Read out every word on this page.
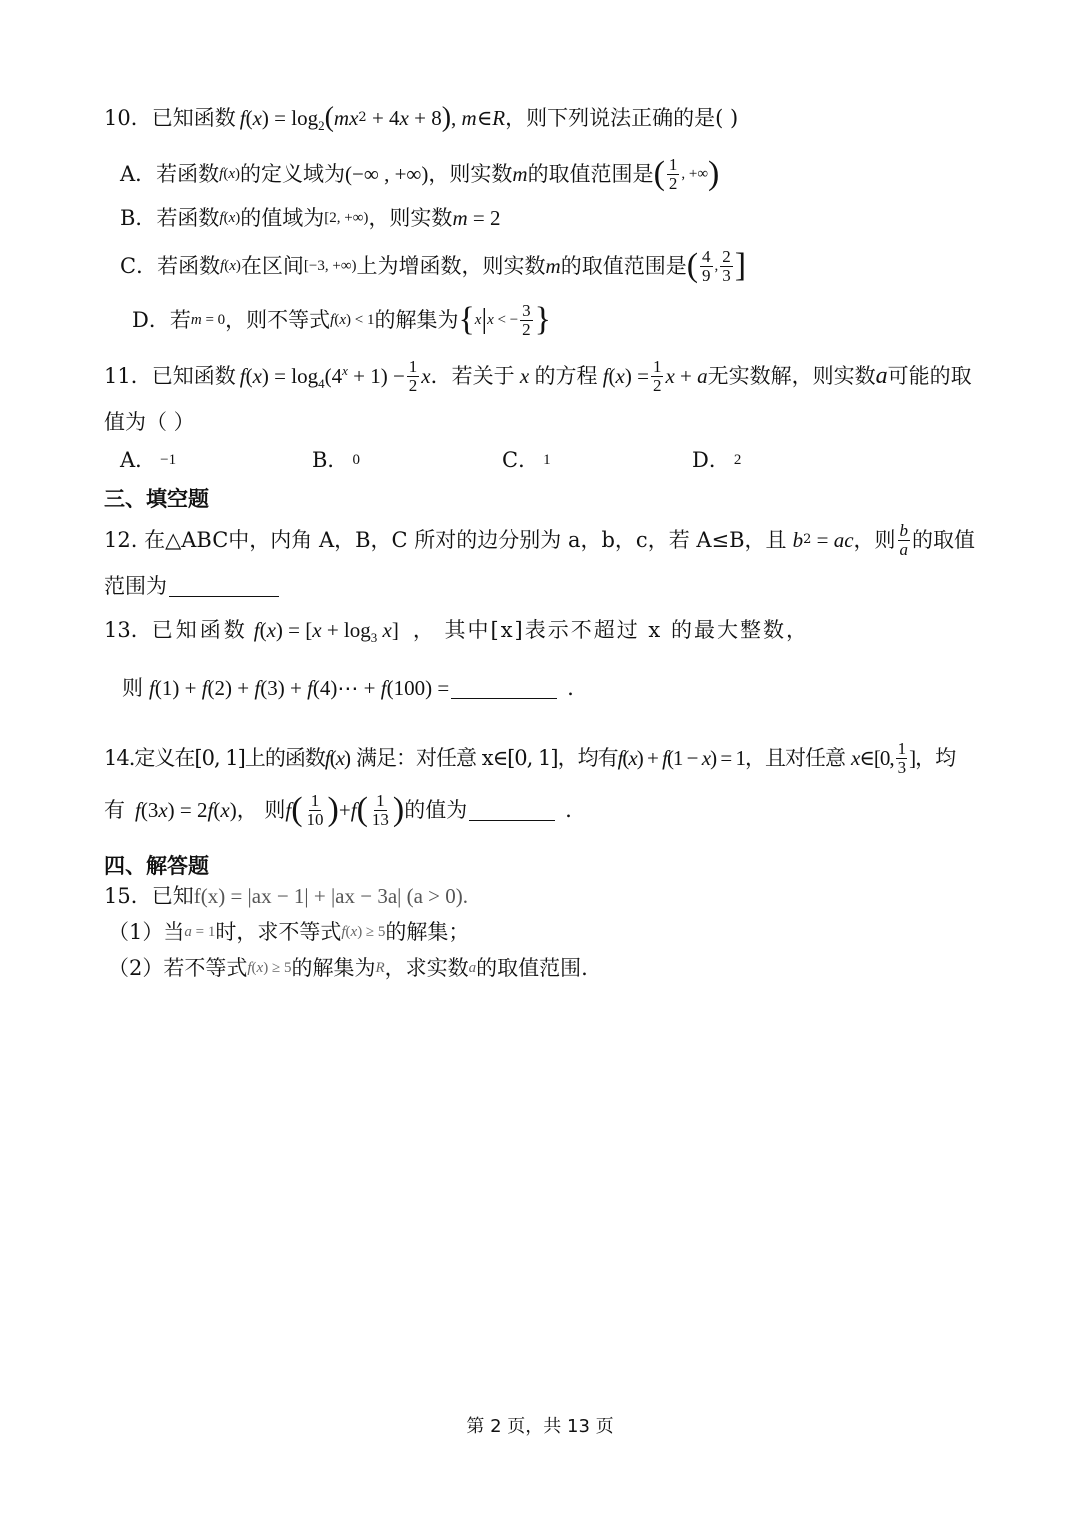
10． 已知函数 f ( x ) = $\log_2$ ( mx 2 + 4 x + 8 ) , m ∈ R ，则下列说法正确的是 ( )
A． 若函数 f ( x ) 的定义域为 (−∞ , +∞) ，则实数 m 的取值范围是 ( $\frac{1}{2}$ , +∞ )
B． 若函数 f ( x ) 的值域为 [2, +∞) ，则实数 m = 2
C． 若函数 f ( x ) 在区间 [−3, +∞) 上为增函数，则实数 m 的取值范围是 ( $\frac{4}{9}$ , $\frac{2}{3}$ ]
D． 若 m = 0 ，则不等式 f ( x ) < 1 的解集为 { x | x < − $\frac{3}{2}$ }
11． 已知函数 f ( x ) = $\log_4(4^x + 1) - \frac{1}{2}$ x ．若关于 x 的方程 f ( x ) = $\frac{1}{2}$ x + a 无实数解，则实数 a 可能的取
值为（ ）
A． −1	B． 0	C． 1	D． 2
三、填空题
12. 在△ABC中，内角 A，B，C 所对的边分别为 a，b，c，若 A≤B，且 b 2 = ac ，则 $\frac{b}{a}$ 的取值
范围为
13． 已知函数 f ( x ) = [ $x + \log_3 x$ ] ， 其中[x]表示不超过 x 的最大整数，
则 f (1) + f (2) + f (3) + f (4)⋯ + f (100) =	．
14. 定义在[0, 1]上的函数 f ( x ) 满足：对任意 x∈[0, 1]，均有 f ( x ) + f (1 − x ) = 1 ，且对任意 x ∈[0, $\frac{1}{3}$ ] ，均
有 f (3 x ) = 2 f ( x ) ， 则 f ( $\frac{1}{10}$ ) + f ( $\frac{1}{13}$ ) 的值为	．
四、解答题
15． 已知 f(x) = |ax − 1| + |ax − 3a| (a > 0).
（1）当 a = 1 时，求不等式 f ( x ) ≥ 5 的解集；
（2）若不等式 f ( x ) ≥ 5 的解集为 R ，求实数 a 的取值范围.
第 2 页，共 13 页
